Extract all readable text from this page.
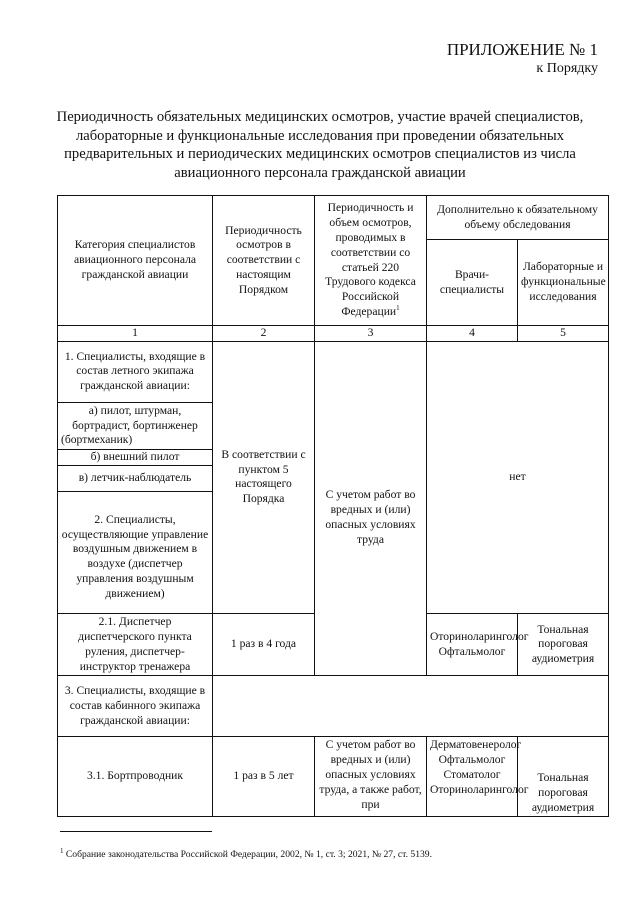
ПРИЛОЖЕНИЕ № 1
к Порядку
Периодичность обязательных медицинских осмотров, участие врачей специалистов, лабораторные и функциональные исследования при проведении обязательных предварительных и периодических медицинских осмотров специалистов из числа авиационного персонала гражданской авиации
Категория специалистов авиационного персонала гражданской авиации	Периодичность осмотров в соответствии с настоящим Порядком	Периодичность и объем осмотров, проводимых в соответствии со статьей 220 Трудового кодекса Российской Федерации$^1$	Дополнительно к обязательному объему обследования	
			Врачи-специалисты	Лабораторные и функциональные исследования
1	2	3	4	5
1. Специалисты, входящие в состав летного экипажа гражданской авиации:	В соответствии с пунктом 5 настоящего Порядка	С учетом работ во вредных и (или) опасных условиях труда	нет	
а) пилот, штурман, бортрадист, бортинженер (бортмеханик)				
б) внешний пилот				
в) летчик-наблюдатель				
2. Специалисты, осуществляющие управление воздушным движением в воздухе (диспетчер управления воздушным движением)				
2.1. Диспетчер диспетчерского пункта руления, диспетчер-инструктор тренажера	1 раз в 4 года		Оториноларинголог Офтальмолог	Тональная пороговая аудиометрия
3. Специалисты, входящие в состав кабинного экипажа гражданской авиации:				
3.1. Бортпроводник	1 раз в 5 лет	С учетом работ во вредных и (или) опасных условиях труда, а также работ, при	Дерматовенеролог Офтальмолог Стоматолог Оториноларинголог	Тональная пороговая аудиометрия
$^1$ Собрание законодательства Российской Федерации, 2002, № 1, ст. 3; 2021, № 27, ст. 5139.
